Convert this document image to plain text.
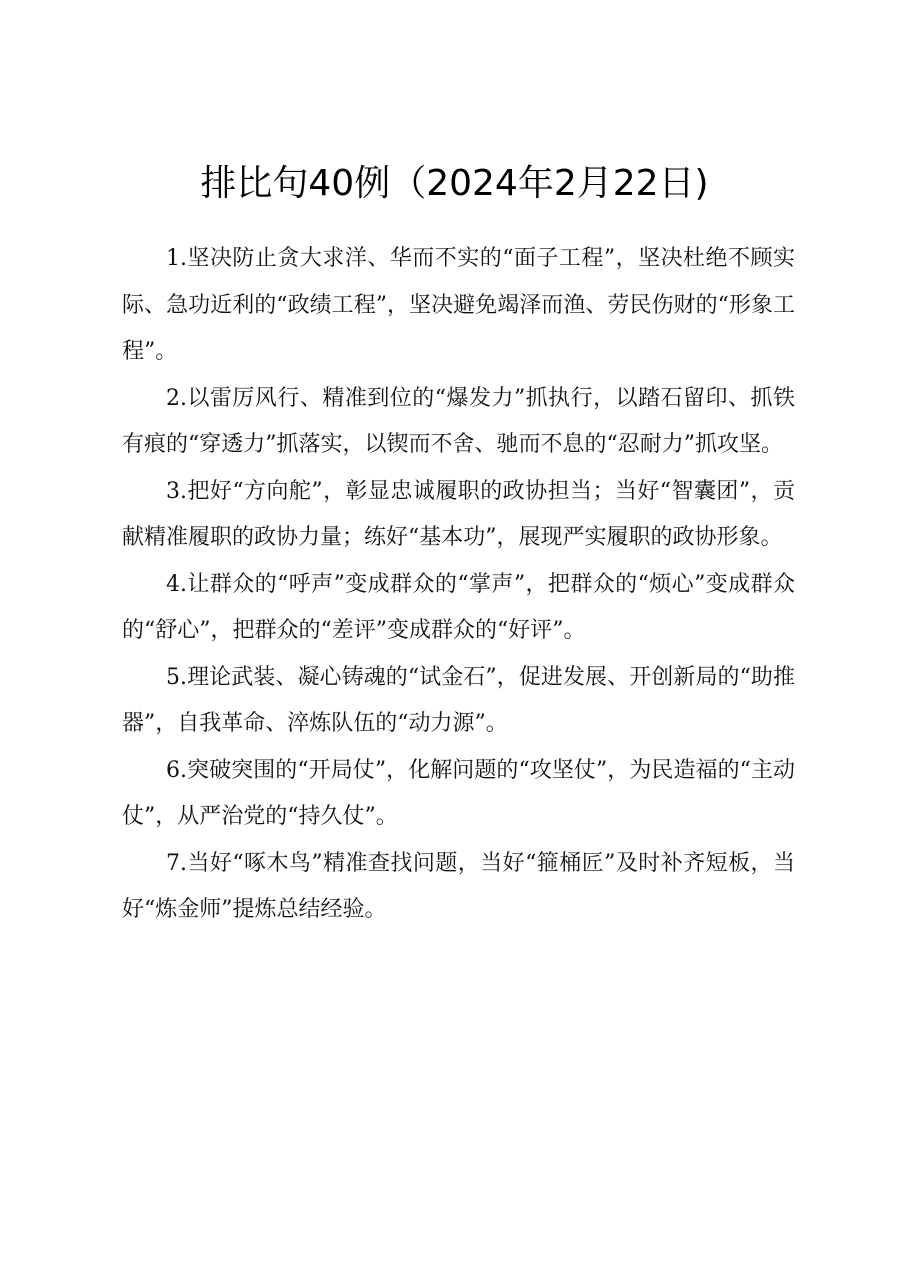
排比句40例（2024年2月22日)

1.坚决防止贪大求洋、华而不实的“面子工程”，坚决杜绝不顾实际、急功近利的“政绩工程”，坚决避免竭泽而渔、劳民伤财的“形象工程”。

2.以雷厉风行、精准到位的“爆发力”抓执行，以踏石留印、抓铁有痕的“穿透力”抓落实，以锲而不舍、驰而不息的“忍耐力”抓攻坚。

3.把好“方向舵”，彰显忠诚履职的政协担当；当好“智囊团”，贡献精准履职的政协力量；练好“基本功”，展现严实履职的政协形象。

4.让群众的“呼声”变成群众的“掌声”，把群众的“烦心”变成群众的“舒心”，把群众的“差评”变成群众的“好评”。

5.理论武装、凝心铸魂的“试金石”，促进发展、开创新局的“助推器”，自我革命、淬炼队伍的“动力源”。

6.突破突围的“开局仗”，化解问题的“攻坚仗”，为民造福的“主动仗”，从严治党的“持久仗”。

7.当好“啄木鸟”精准查找问题，当好“箍桶匠”及时补齐短板，当好“炼金师”提炼总结经验。
